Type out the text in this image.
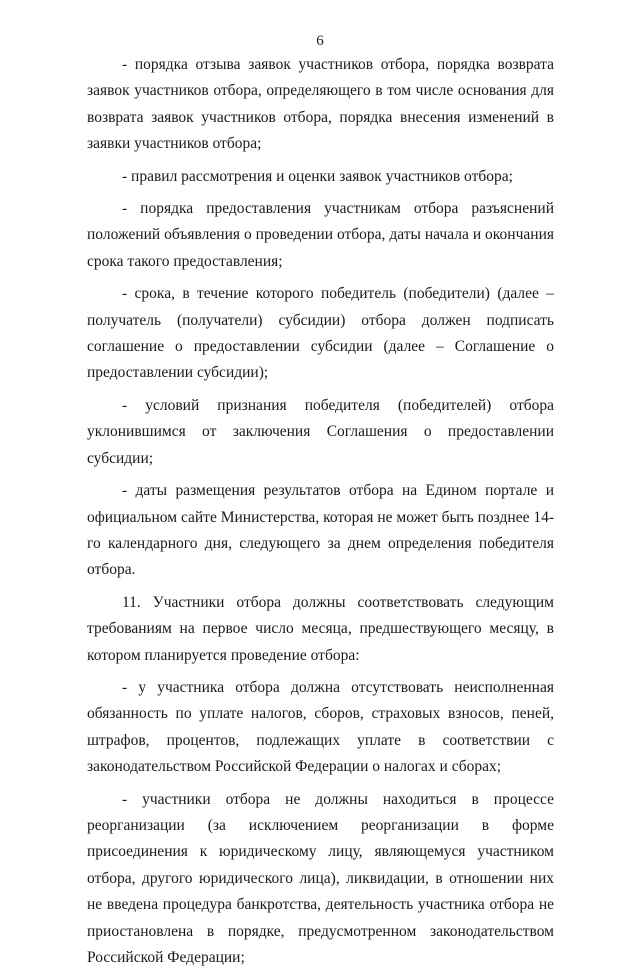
6

- порядка отзыва заявок участников отбора, порядка возврата заявок участников отбора, определяющего в том числе основания для возврата заявок участников отбора, порядка внесения изменений в заявки участников отбора;

- правил рассмотрения и оценки заявок участников отбора;

- порядка предоставления участникам отбора разъяснений положений объявления о проведении отбора, даты начала и окончания срока такого предоставления;

- срока, в течение которого победитель (победители) (далее – получатель (получатели) субсидии) отбора должен подписать соглашение о предоставлении субсидии (далее – Соглашение о предоставлении субсидии);

- условий признания победителя (победителей) отбора уклонившимся от заключения Соглашения о предоставлении субсидии;

- даты размещения результатов отбора на Едином портале и официальном сайте Министерства, которая не может быть позднее 14-го календарного дня, следующего за днем определения победителя отбора.

11. Участники отбора должны соответствовать следующим требованиям на первое число месяца, предшествующего месяцу, в котором планируется проведение отбора:

- у участника отбора должна отсутствовать неисполненная обязанность по уплате налогов, сборов, страховых взносов, пеней, штрафов, процентов, подлежащих уплате в соответствии с законодательством Российской Федерации о налогах и сборах;

- участники отбора не должны находиться в процессе реорганизации (за исключением реорганизации в форме присоединения к юридическому лицу, являющемуся участником отбора, другого юридического лица), ликвидации, в отношении них не введена процедура банкротства, деятельность участника отбора не приостановлена в порядке, предусмотренном законодательством Российской Федерации;
